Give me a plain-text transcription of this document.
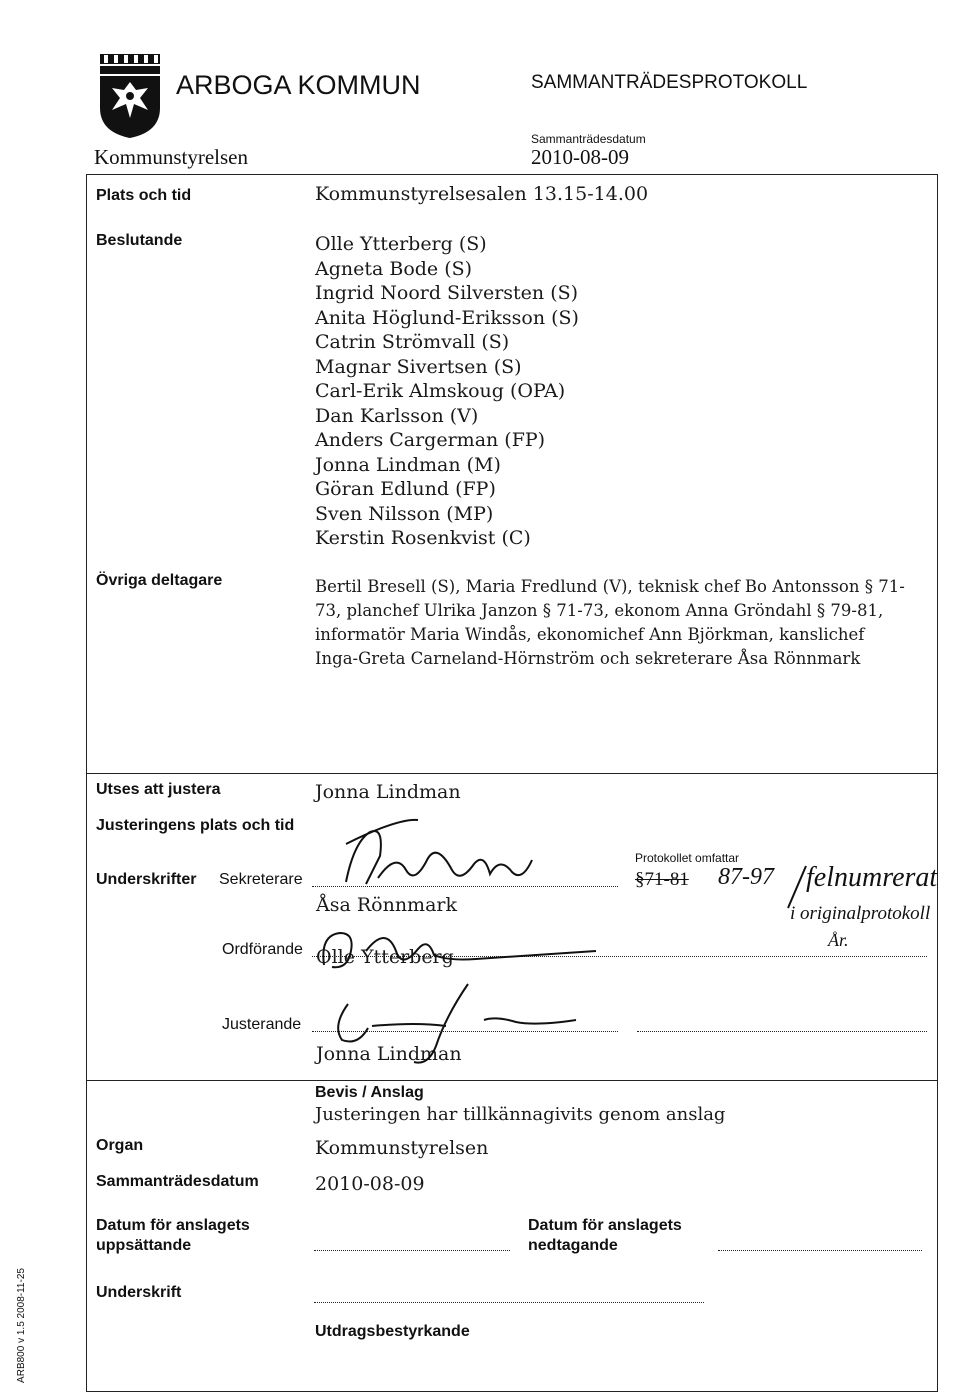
ARBOGA KOMMUN
Kommunstyrelsen
SAMMANTRÄDESPROTOKOLL
Sammanträdesdatum
2010-08-09
Plats och tid	Kommunstyrelsesalen 13.15-14.00
Beslutande	Olle Ytterberg (S)
Agneta Bode (S)
Ingrid Noord Silversten (S)
Anita Höglund-Eriksson (S)
Catrin Strömvall (S)
Magnar Sivertsen (S)
Carl-Erik Almskoug (OPA)
Dan Karlsson (V)
Anders Cargerman (FP)
Jonna Lindman (M)
Göran Edlund (FP)
Sven Nilsson (MP)
Kerstin Rosenkvist (C)
Övriga deltagare	Bertil Bresell (S), Maria Fredlund (V), teknisk chef Bo Antonsson § 71-
73, planchef Ulrika Janzon § 71-73, ekonom Anna Gröndahl § 79-81,
informatör Maria Windås, ekonomichef Ann Björkman, kanslichef
Inga-Greta Carneland-Hörnström och sekreterare Åsa Rönnmark
Utses att justera	Jonna Lindman
Justeringens plats och tid
Underskrifter Sekreterare
Åsa Rönnmark
Ordförande Olle Ytterberg
Justerande
Jonna Lindman
Protokollet omfattar
§71-81 87-97 felnumrerat
i originalprotokoll
År.
Bevis / Anslag
Justeringen har tillkännagivits genom anslag
Organ	Kommunstyrelsen
Sammanträdesdatum	2010-08-09
Datum för anslagets
uppsättande
Datum för anslagets
nedtagande
Underskrift
Utdragsbestyrkande
ARB800 v 1.5 2008-11-25
